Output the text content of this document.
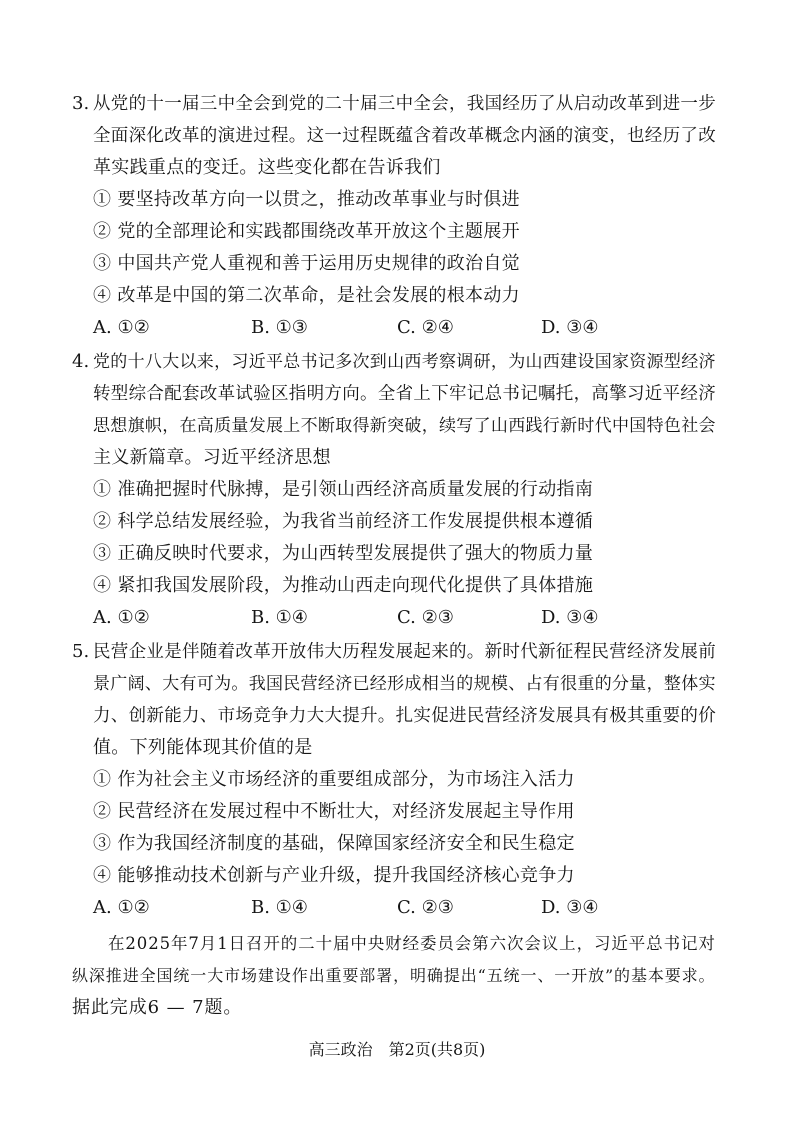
3. 从党的十一届三中全会到党的二十届三中全会，我国经历了从启动改革到进一步
全面深化改革的演进过程。这一过程既蕴含着改革概念内涵的演变，也经历了改
革实践重点的变迁。这些变化都在告诉我们
① 要坚持改革方向一以贯之，推动改革事业与时俱进
② 党的全部理论和实践都围绕改革开放这个主题展开
③ 中国共产党人重视和善于运用历史规律的政治自觉
④ 改革是中国的第二次革命，是社会发展的根本动力
A. ①②	B. ①③	C. ②④	D. ③④
4. 党的十八大以来，习近平总书记多次到山西考察调研，为山西建设国家资源型经济
转型综合配套改革试验区指明方向。全省上下牢记总书记嘱托，高擎习近平经济
思想旗帜，在高质量发展上不断取得新突破，续写了山西践行新时代中国特色社会
主义新篇章。习近平经济思想
① 准确把握时代脉搏，是引领山西经济高质量发展的行动指南
② 科学总结发展经验，为我省当前经济工作发展提供根本遵循
③ 正确反映时代要求，为山西转型发展提供了强大的物质力量
④ 紧扣我国发展阶段，为推动山西走向现代化提供了具体措施
A. ①②	B. ①④	C. ②③	D. ③④
5. 民营企业是伴随着改革开放伟大历程发展起来的。新时代新征程民营经济发展前
景广阔、大有可为。我国民营经济已经形成相当的规模、占有很重的分量，整体实
力、创新能力、市场竞争力大大提升。扎实促进民营经济发展具有极其重要的价
值。下列能体现其价值的是
① 作为社会主义市场经济的重要组成部分，为市场注入活力
② 民营经济在发展过程中不断壮大，对经济发展起主导作用
③ 作为我国经济制度的基础，保障国家经济安全和民生稳定
④ 能够推动技术创新与产业升级，提升我国经济核心竞争力
A. ①②	B. ①④	C. ②③	D. ③④
在2025年7月1日召开的二十届中央财经委员会第六次会议上，习近平总书记对
纵深推进全国统一大市场建设作出重要部署，明确提出“五统一、一开放”的基本要求。
据此完成6 — 7题。
高三政治　第2页(共8页)
